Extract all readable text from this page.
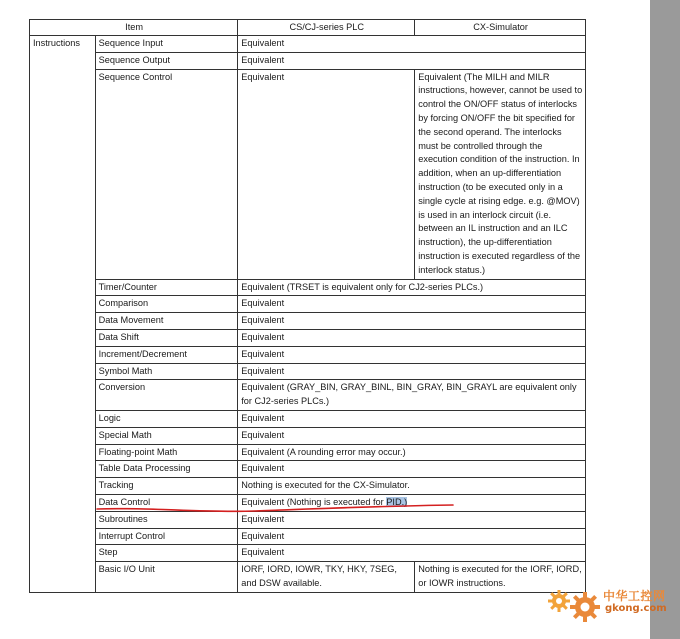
Item		CS/CJ-series PLC	CX-Simulator
Instructions	Sequence Input	Equivalent	
	Sequence Output	Equivalent	
	Sequence Control	Equivalent	Equivalent (The MILH and MILR instructions, however, cannot be used to control the ON/OFF status of interlocks by forcing ON/OFF the bit specified for the second operand. The interlocks must be controlled through the execution condition of the instruction. In addition, when an up-differentiation instruction (to be executed only in a single cycle at rising edge. e.g. @MOV) is used in an interlock circuit (i.e. between an IL instruction and an ILC instruction), the up-differentiation instruction is executed regardless of the interlock status.)
	Timer/Counter	Equivalent (TRSET is equivalent only for CJ2-series PLCs.)	
	Comparison	Equivalent	
	Data Movement	Equivalent	
	Data Shift	Equivalent	
	Increment/Decrement	Equivalent	
	Symbol Math	Equivalent	
	Conversion	Equivalent (GRAY_BIN, GRAY_BINL, BIN_GRAY, BIN_GRAYL are equivalent only for CJ2-series PLCs.)	
	Logic	Equivalent	
	Special Math	Equivalent	
	Floating-point Math	Equivalent (A rounding error may occur.)	
	Table Data Processing	Equivalent	
	Tracking	Nothing is executed for the CX-Simulator.	
	Data Control	Equivalent (Nothing is executed for PID.)	
	Subroutines	Equivalent	
	Interrupt Control	Equivalent	
	Step	Equivalent	
	Basic I/O Unit	IORF, IORD, IOWR, TKY, HKY, 7SEG, and DSW available.	Nothing is executed for the IORF, IORD, or IOWR instructions.
中华工控网
gkong.com
